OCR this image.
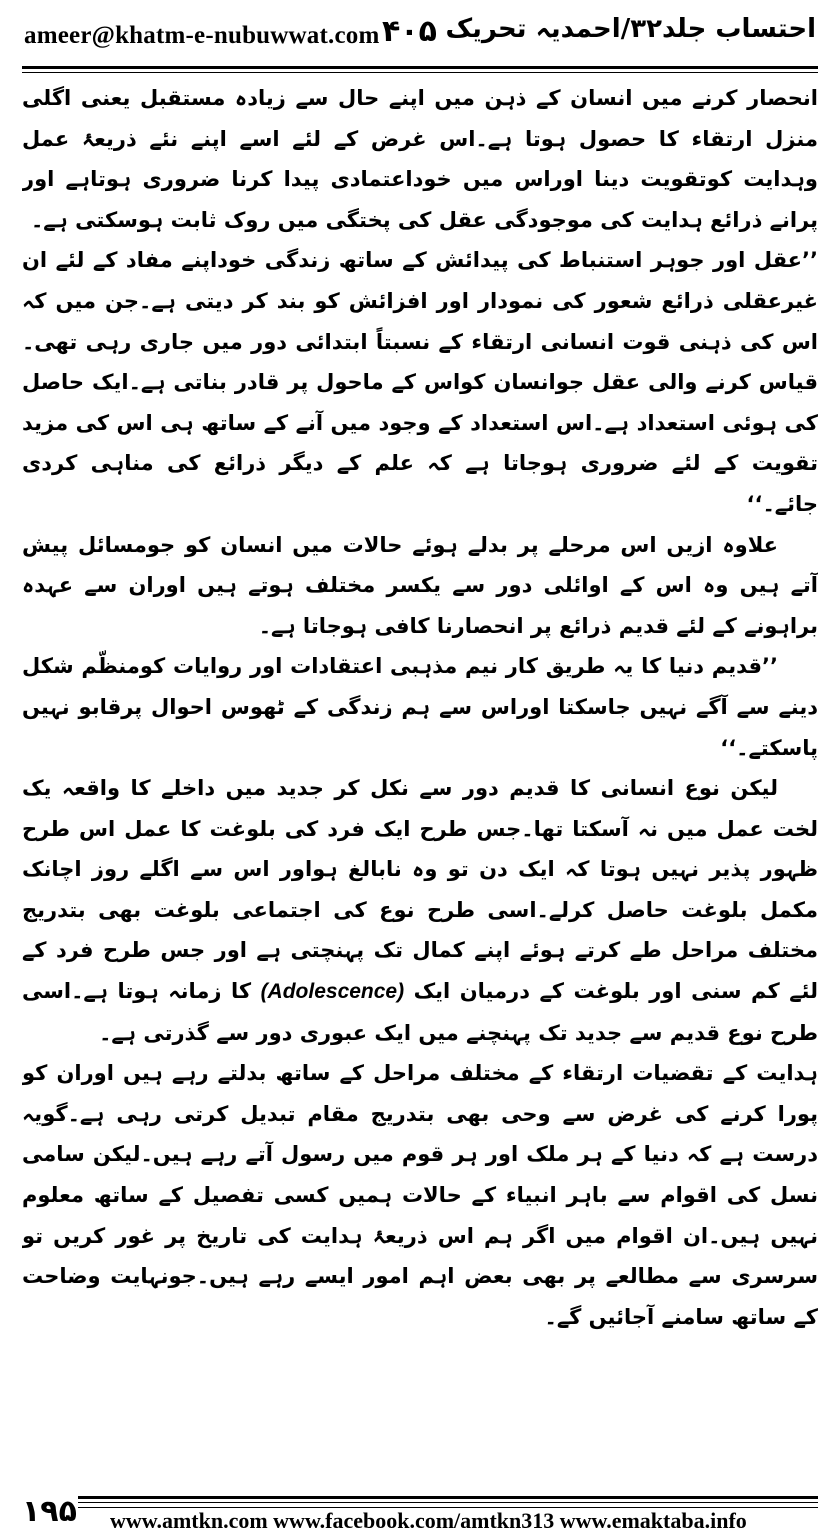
ameer@khatm-e-nubuwwat.com ۴۰۵ احتساب جلد۳۲/احمدیہ تحریک

انحصار کرنے میں انسان کے ذہن میں اپنے حال سے زیادہ مستقبل یعنی اگلی منزل ارتقاء کا حصول ہوتا ہے۔اس غرض کے لئے اسے اپنے نئے ذریعۂ عمل وہدایت کوتقویت دینا اوراس میں خوداعتمادی پیدا کرنا ضروری ہوتاہے اور پرانے ذرائع ہدایت کی موجودگی عقل کی پختگی میں روک ثابت ہوسکتی ہے۔

’’عقل اور جوہر استنباط کی پیدائش کے ساتھ زندگی خوداپنے مفاد کے لئے ان غیرعقلی ذرائع شعور کی نمودار اور افزائش کو بند کر دیتی ہے۔جن میں کہ اس کی ذہنی قوت انسانی ارتقاء کے نسبتاً ابتدائی دور میں جاری رہی تھی۔قیاس کرنے والی عقل جوانسان کواس کے ماحول پر قادر بناتی ہے۔ایک حاصل کی ہوئی استعداد ہے۔اس استعداد کے وجود میں آنے کے ساتھ ہی اس کی مزید تقویت کے لئے ضروری ہوجاتا ہے کہ علم کے دیگر ذرائع کی مناہی کردی جائے۔‘‘

علاوہ ازیں اس مرحلے پر بدلے ہوئے حالات میں انسان کو جومسائل پیش آتے ہیں وہ اس کے اوائلی دور سے یکسر مختلف ہوتے ہیں اوران سے عہدہ براہونے کے لئے قدیم ذرائع پر انحصارنا کافی ہوجاتا ہے۔

’’قدیم دنیا کا یہ طریق کار نیم مذہبی اعتقادات اور روایات کومنظّم شکل دینے سے آگے نہیں جاسکتا اوراس سے ہم زندگی کے ٹھوس احوال پرقابو نہیں پاسکتے۔‘‘

لیکن نوع انسانی کا قدیم دور سے نکل کر جدید میں داخلے کا واقعہ یک لخت عمل میں نہ آسکتا تھا۔جس طرح ایک فرد کی بلوغت کا عمل اس طرح ظہور پذیر نہیں ہوتا کہ ایک دن تو وہ نابالغ ہواور اس سے اگلے روز اچانک مکمل بلوغت حاصل کرلے۔اسی طرح نوع کی اجتماعی بلوغت بھی بتدریج مختلف مراحل طے کرتے ہوئے اپنے کمال تک پہنچتی ہے اور جس طرح فرد کے لئے کم سنی اور بلوغت کے درمیان ایک (Adolescence) کا زمانہ ہوتا ہے۔اسی طرح نوع قدیم سے جدید تک پہنچنے میں ایک عبوری دور سے گذرتی ہے۔

ہدایت کے تقضیات ارتقاء کے مختلف مراحل کے ساتھ بدلتے رہے ہیں اوران کو پورا کرنے کی غرض سے وحی بھی بتدریج مقام تبدیل کرتی رہی ہے۔گویہ درست ہے کہ دنیا کے ہر ملک اور ہر قوم میں رسول آتے رہے ہیں۔لیکن سامی نسل کی اقوام سے باہر انبیاء کے حالات ہمیں کسی تفصیل کے ساتھ معلوم نہیں ہیں۔ان اقوام میں اگر ہم اس ذریعۂ ہدایت کی تاریخ پر غور کریں تو سرسری سے مطالعے پر بھی بعض اہم امور ایسے رہے ہیں۔جونہایت وضاحت کے ساتھ سامنے آجائیں گے۔

۱۹۵ www.amtkn.com www.facebook.com/amtkn313 www.emaktaba.info
